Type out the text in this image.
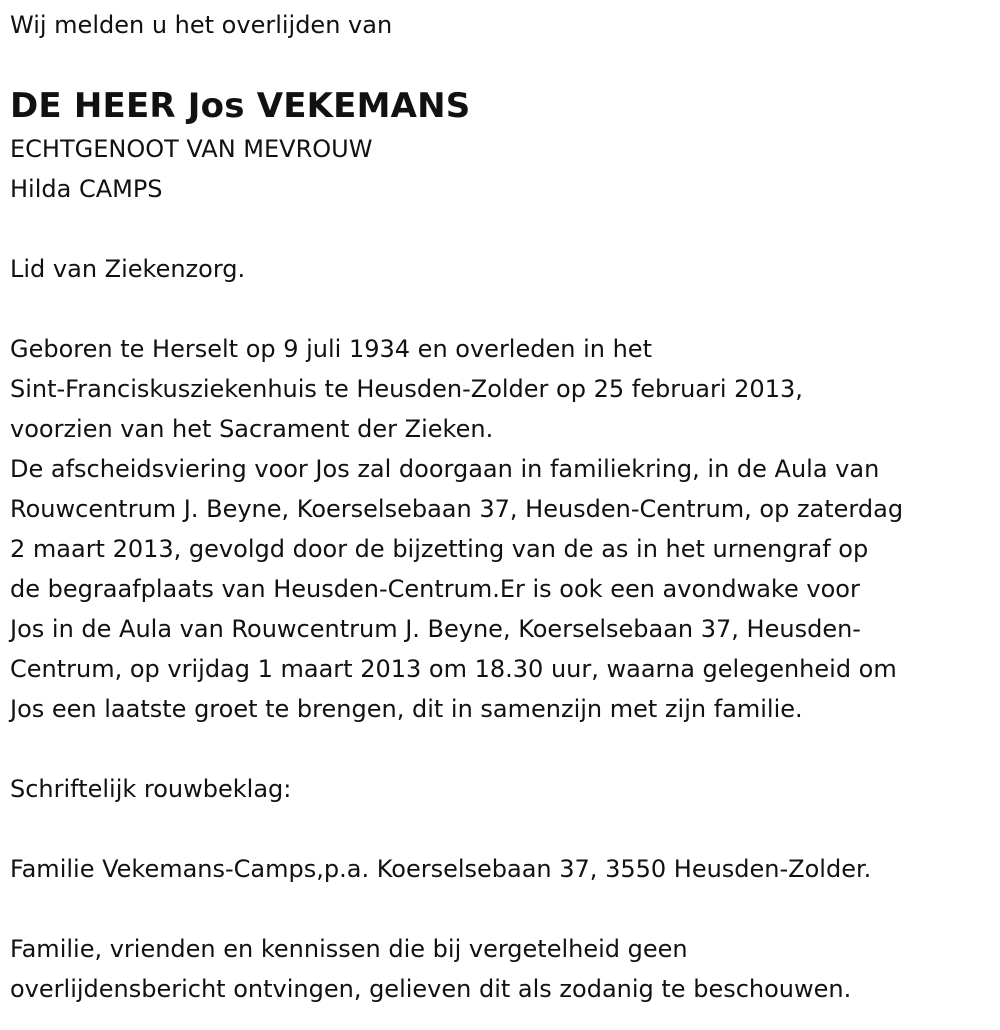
Wij melden u het overlijden van

DE HEER Jos VEKEMANS

ECHTGENOOT VAN MEVROUW

Hilda CAMPS

Lid van Ziekenzorg.

Geboren te Herselt op 9 juli 1934 en overleden in het

Sint-Franciskusziekenhuis te Heusden-Zolder op 25 februari 2013,

voorzien van het Sacrament der Zieken.

De afscheidsviering voor Jos zal doorgaan in familiekring, in de Aula van

Rouwcentrum J. Beyne, Koerselsebaan 37, Heusden-Centrum, op zaterdag

2 maart 2013, gevolgd door de bijzetting van de as in het urnengraf op

de begraafplaats van Heusden-Centrum.Er is ook een avondwake voor

Jos in de Aula van Rouwcentrum J. Beyne, Koerselsebaan 37, Heusden-

Centrum, op vrijdag 1 maart 2013 om 18.30 uur, waarna gelegenheid om

Jos een laatste groet te brengen, dit in samenzijn met zijn familie.

Schriftelijk rouwbeklag:

Familie Vekemans-Camps,p.a. Koerselsebaan 37, 3550 Heusden-Zolder.

Familie, vrienden en kennissen die bij vergetelheid geen

overlijdensbericht ontvingen, gelieven dit als zodanig te beschouwen.
